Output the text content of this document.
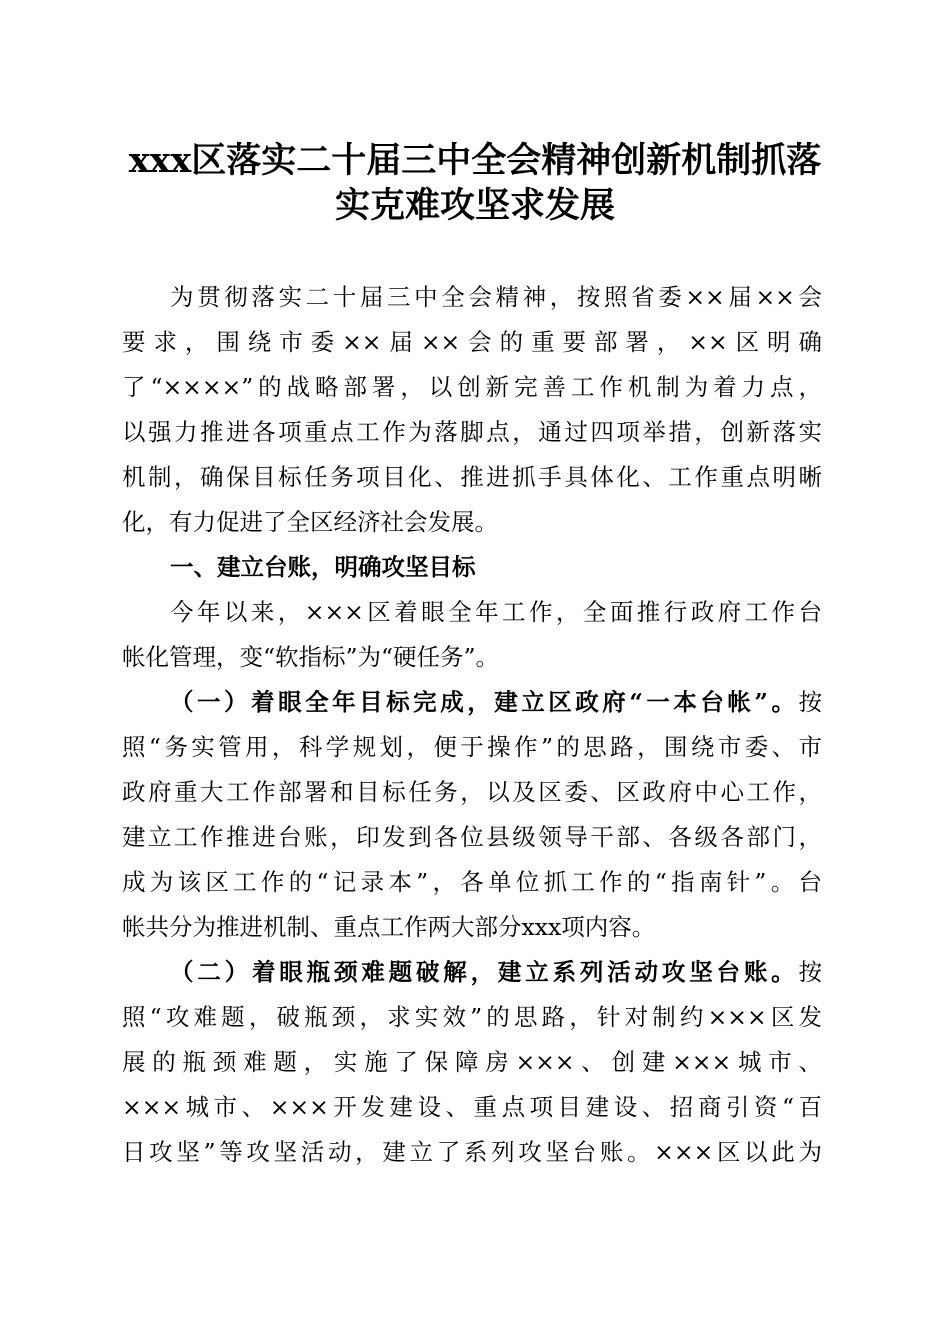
xxx区落实二十届三中全会精神创新机制抓落
实克难攻坚求发展
为贯彻落实二十届三中全会精神，按照省委××届××会
要求，围绕市委××届××会的重要部署，××区明确
了“××××”的战略部署，以创新完善工作机制为着力点，
以强力推进各项重点工作为落脚点，通过四项举措，创新落实
机制，确保目标任务项目化、推进抓手具体化、工作重点明晰
化，有力促进了全区经济社会发展。
一、建立台账，明确攻坚目标
今年以来，×××区着眼全年工作，全面推行政府工作台
帐化管理，变“软指标”为“硬任务”。
（一）着眼全年目标完成，建立区政府“一本台帐”。按
照“务实管用，科学规划，便于操作”的思路，围绕市委、市
政府重大工作部署和目标任务，以及区委、区政府中心工作，
建立工作推进台账，印发到各位县级领导干部、各级各部门，
成为该区工作的“记录本”，各单位抓工作的“指南针”。台
帐共分为推进机制、重点工作两大部分xxx项内容。
（二）着眼瓶颈难题破解，建立系列活动攻坚台账。按
照“攻难题，破瓶颈，求实效”的思路，针对制约×××区发
展的瓶颈难题，实施了保障房×××、创建×××城市、
×××城市、×××开发建设、重点项目建设、招商引资“百
日攻坚”等攻坚活动，建立了系列攻坚台账。×××区以此为
